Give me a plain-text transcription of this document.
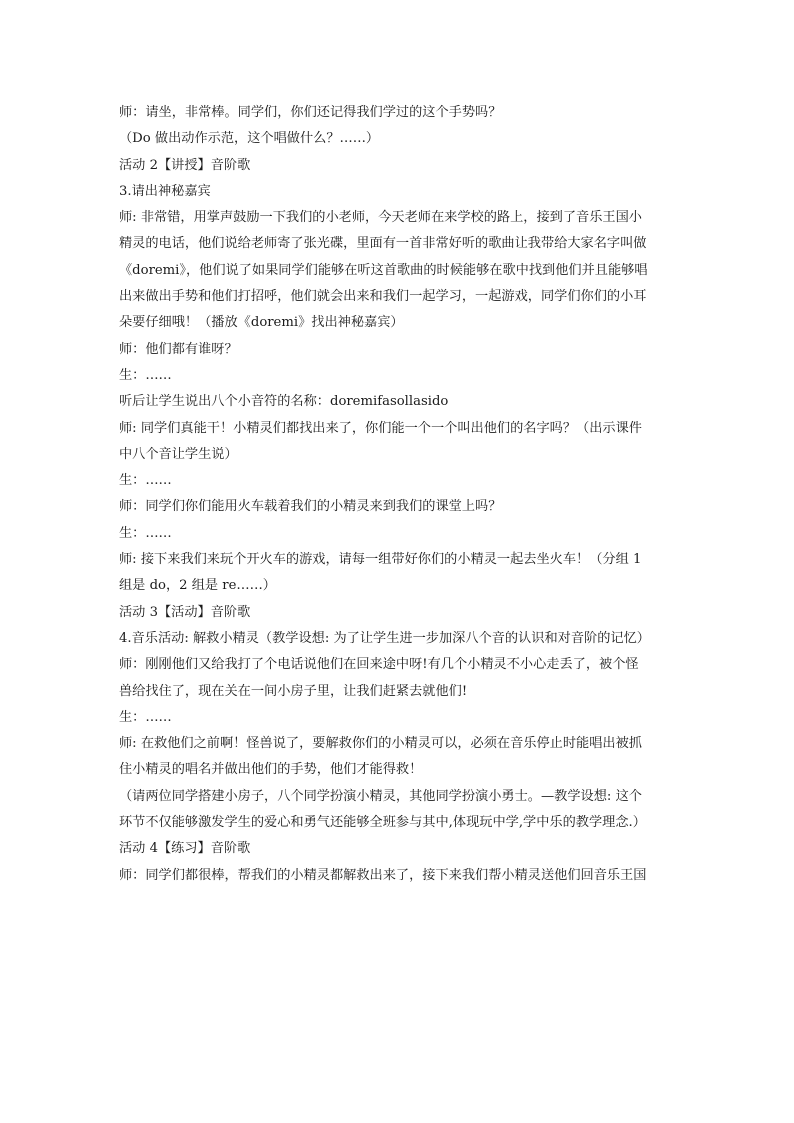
师：请坐，非常棒。同学们，你们还记得我们学过的这个手势吗？
（Do 做出动作示范，这个唱做什么？……）
活动 2【讲授】音阶歌
3.请出神秘嘉宾
师: 非常错，用掌声鼓励一下我们的小老师，今天老师在来学校的路上，接到了音乐王国小
精灵的电话，他们说给老师寄了张光碟，里面有一首非常好听的歌曲让我带给大家名字叫做
《doremi》，他们说了如果同学们能够在听这首歌曲的时候能够在歌中找到他们并且能够唱
出来做出手势和他们打招呼，他们就会出来和我们一起学习，一起游戏，同学们你们的小耳
朵要仔细哦！（播放《doremi》找出神秘嘉宾）
师：他们都有谁呀？
生：……
听后让学生说出八个小音符的名称：doremifasollasido
师: 同学们真能干！小精灵们都找出来了，你们能一个一个叫出他们的名字吗？（出示课件
中八个音让学生说）
生：……
师：同学们你们能用火车载着我们的小精灵来到我们的课堂上吗？
生：……
师: 接下来我们来玩个开火车的游戏，请每一组带好你们的小精灵一起去坐火车！（分组 1
组是 do，2 组是 re……）
活动 3【活动】音阶歌
4.音乐活动: 解救小精灵（教学设想: 为了让学生进一步加深八个音的认识和对音阶的记忆）
师：刚刚他们又给我打了个电话说他们在回来途中呀!有几个小精灵不小心走丢了，被个怪
兽给找住了，现在关在一间小房子里，让我们赶紧去就他们!
生：……
师: 在救他们之前啊！怪兽说了，要解救你们的小精灵可以，必须在音乐停止时能唱出被抓
住小精灵的唱名并做出他们的手势，他们才能得救！
（请两位同学搭建小房子，八个同学扮演小精灵，其他同学扮演小勇士。—教学设想: 这个
环节不仅能够激发学生的爱心和勇气还能够全班参与其中,体现玩中学,学中乐的教学理念.）
活动 4【练习】音阶歌
师：同学们都很棒，帮我们的小精灵都解救出来了，接下来我们帮小精灵送他们回音乐王国
